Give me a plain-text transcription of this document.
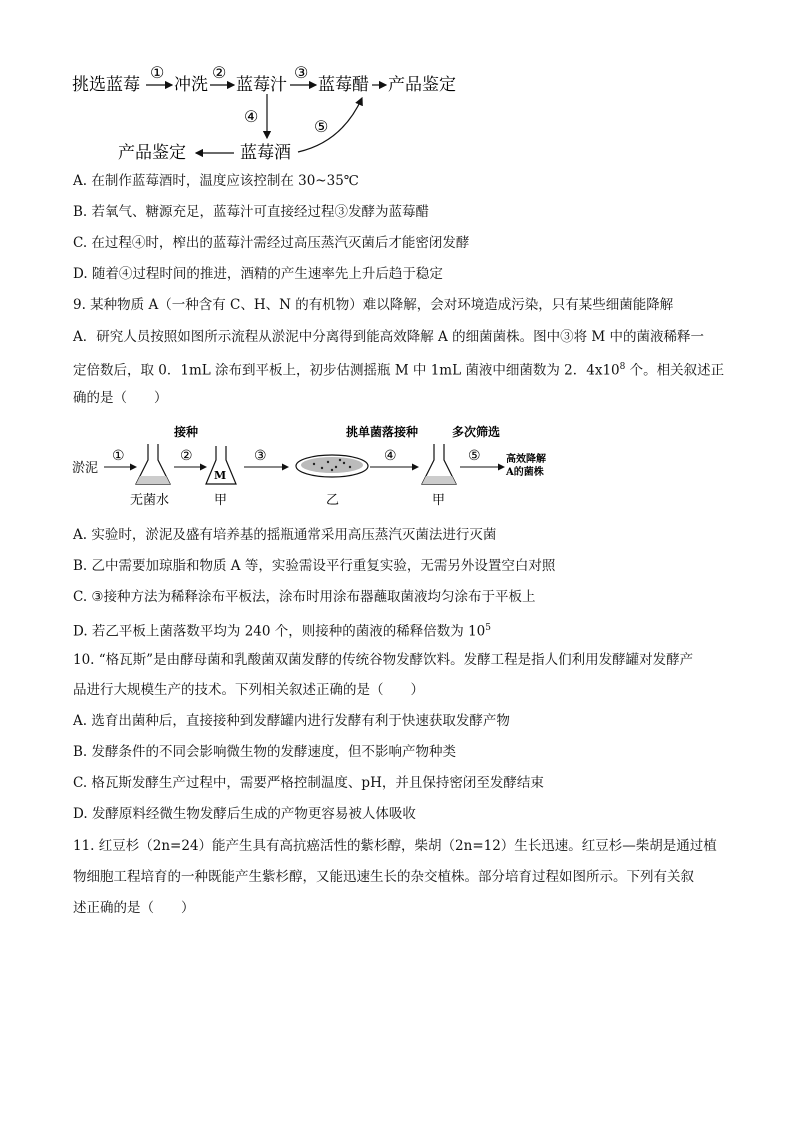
挑选蓝莓
①
冲洗
②
蓝莓汁
③
蓝莓醋 产品鉴定
④
产品鉴定	蓝莓酒
⑤
A. 在制作蓝莓酒时，温度应该控制在 30~35℃
B. 若氧气、糖源充足，蓝莓汁可直接经过程③发酵为蓝莓醋
C. 在过程④时，榨出的蓝莓汁需经过高压蒸汽灭菌后才能密闭发酵
D. 随着④过程时间的推进，酒精的产生速率先上升后趋于稳定
9. 某种物质 A（一种含有 C、H、N 的有机物）难以降解，会对环境造成污染，只有某些细菌能降解
A．研究人员按照如图所示流程从淤泥中分离得到能高效降解 A 的细菌菌株。图中③将 M 中的菌液稀释一
定倍数后，取 0．1mL 涂布到平板上，初步估测摇瓶 M 中 1mL 菌液中细菌数为 2．$4x10^8$ 个。相关叙述正
确的是（　　）
淤泥
①
无菌水
②
接种
M
甲
③
乙
挑单菌落接种
④
甲
多次筛选
⑤	高效降解
A的菌株
A. 实验时，淤泥及盛有培养基的摇瓶通常采用高压蒸汽灭菌法进行灭菌
B. 乙中需要加琼脂和物质 A 等，实验需设平行重复实验，无需另外设置空白对照
C. ③接种方法为稀释涂布平板法，涂布时用涂布器蘸取菌液均匀涂布于平板上
D. 若乙平板上菌落数平均为 240 个，则接种的菌液的稀释倍数为 $10^5$
10. “格瓦斯”是由酵母菌和乳酸菌双菌发酵的传统谷物发酵饮料。发酵工程是指人们利用发酵罐对发酵产
品进行大规模生产的技术。下列相关叙述正确的是（　　）
A. 选育出菌种后，直接接种到发酵罐内进行发酵有利于快速获取发酵产物
B. 发酵条件的不同会影响微生物的发酵速度，但不影响产物种类
C. 格瓦斯发酵生产过程中，需要严格控制温度、pH，并且保持密闭至发酵结束
D. 发酵原料经微生物发酵后生成的产物更容易被人体吸收
11. 红豆杉（2n=24）能产生具有高抗癌活性的紫杉醇，柴胡（2n=12）生长迅速。红豆杉—柴胡是通过植
物细胞工程培育的一种既能产生紫杉醇，又能迅速生长的杂交植株。部分培育过程如图所示。下列有关叙
述正确的是（　　）
